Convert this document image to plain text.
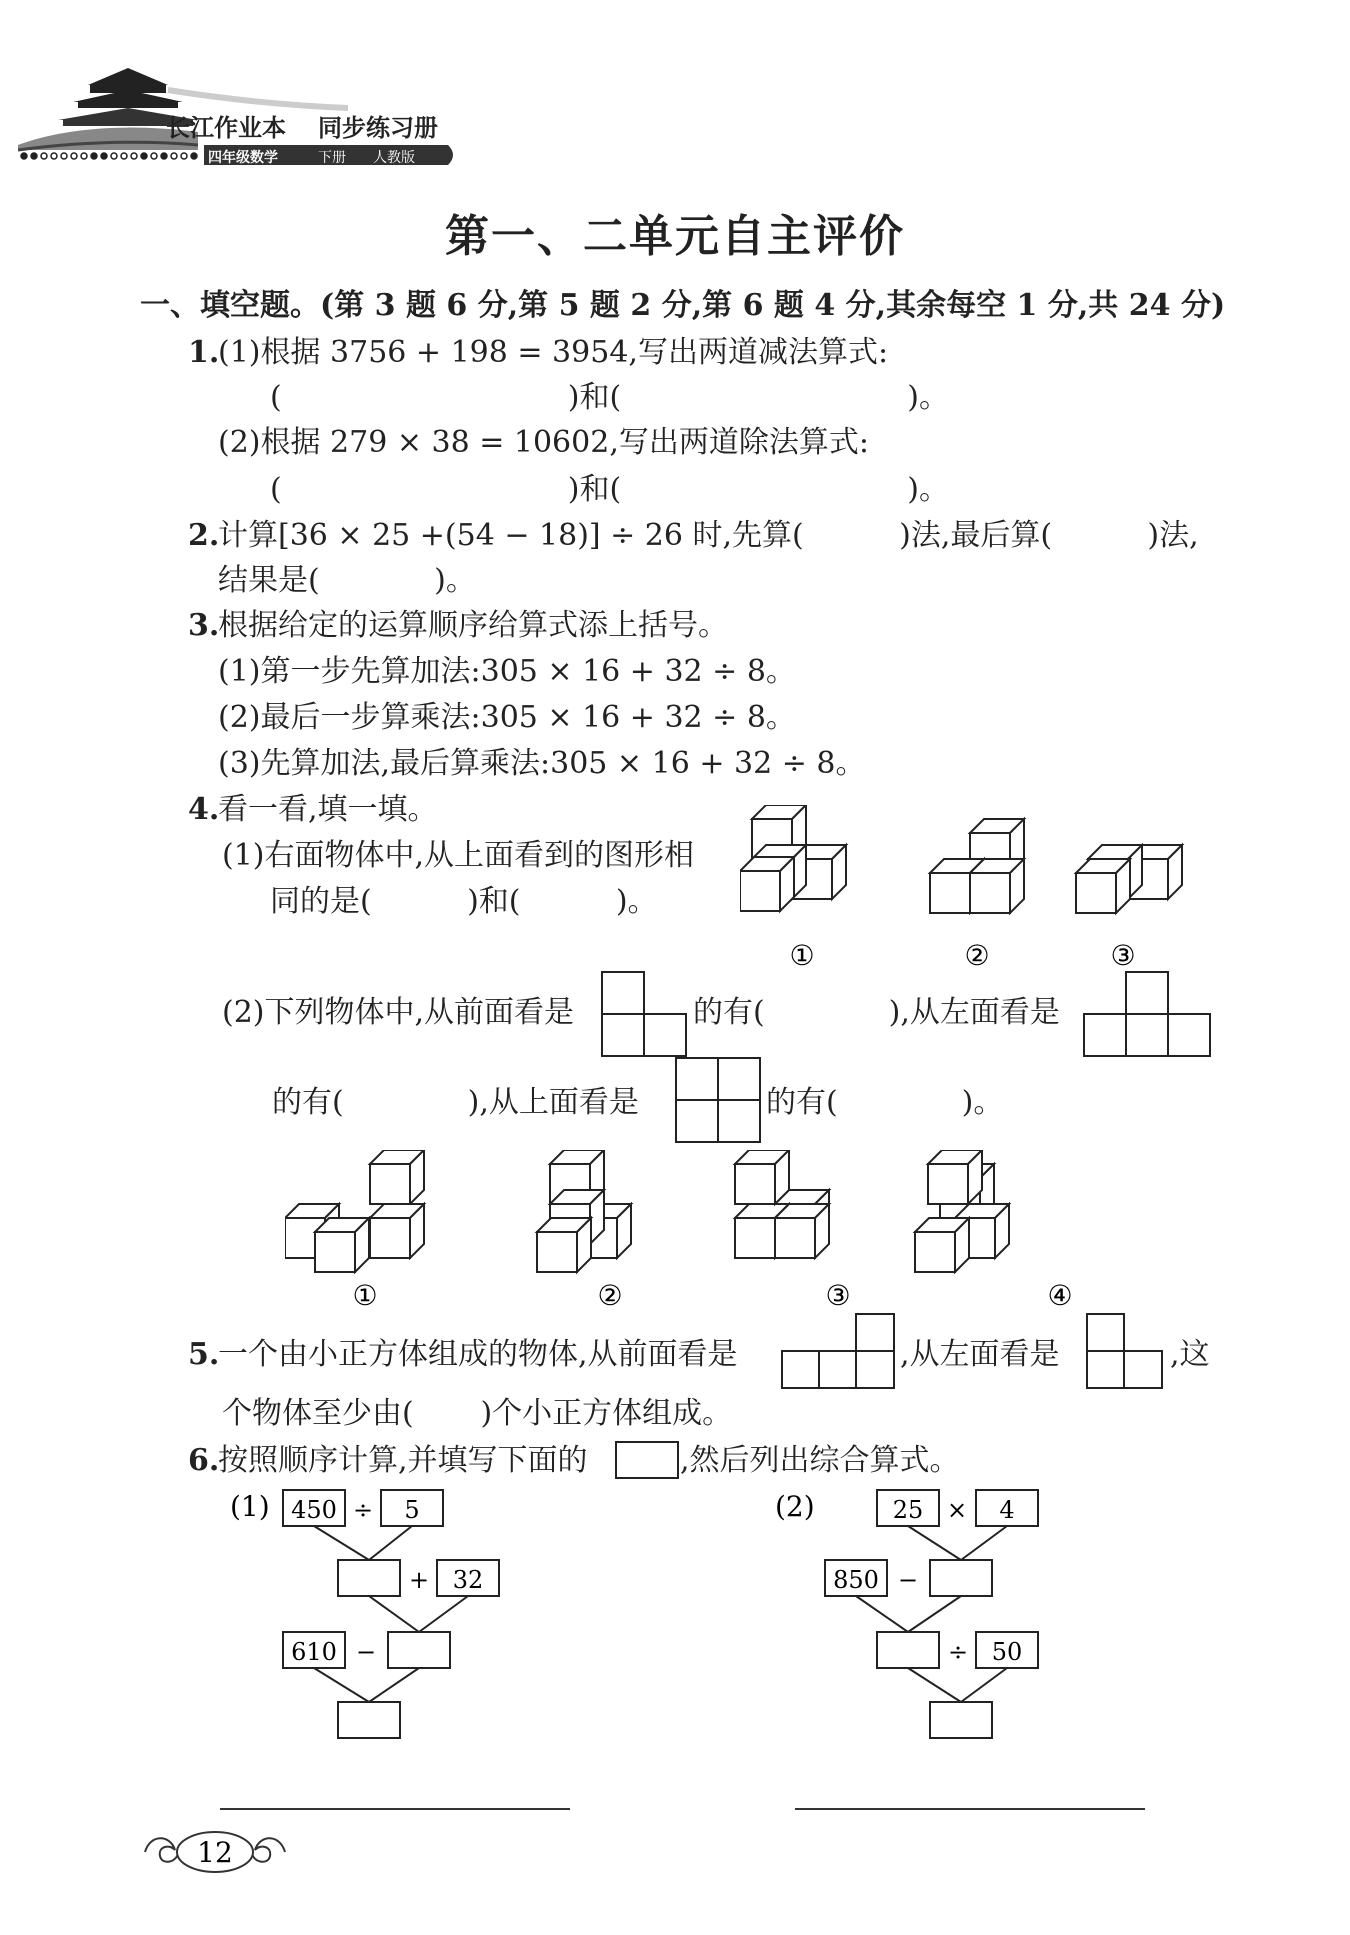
长江作业本 同步练习册
四年级数学	下册 人教版
第一、二单元自主评价
一、填空题。(第 3 题 6 分,第 5 题 2 分,第 6 题 4 分,其余每空 1 分,共 24 分)
1.
(1)根据 3756 + 198 = 3954,写出两道减法算式:
(                              )和(                              )。
(2)根据 279 × 38 = 10602,写出两道除法算式:
(                              )和(                              )。
2.
计算[36 × 25 +(54 − 18)] ÷ 26 时,先算(          )法,最后算(          )法,
结果是(            )。
3.
根据给定的运算顺序给算式添上括号。
(1)第一步先算加法:305 × 16 + 32 ÷ 8。
(2)最后一步算乘法:305 × 16 + 32 ÷ 8。
(3)先算加法,最后算乘法:305 × 16 + 32 ÷ 8。
4.
看一看,填一填。
(1)右面物体中,从上面看到的图形相
同的是(          )和(          )。
①	②	③
(2)下列物体中,从前面看是	的有(             ),从左面看是
的有(             ),从上面看是	的有(             )。
①	②	③	④
5.
一个由小正方体组成的物体,从前面看是	,从左面看是	,这
个物体至少由(       )个小正方体组成。
6.
按照顺序计算,并填写下面的	,然后列出综合算式。
(1) 450 ÷ 5
+ 32
610 −
(2)	25 × 4
850 −
÷ 50
12
